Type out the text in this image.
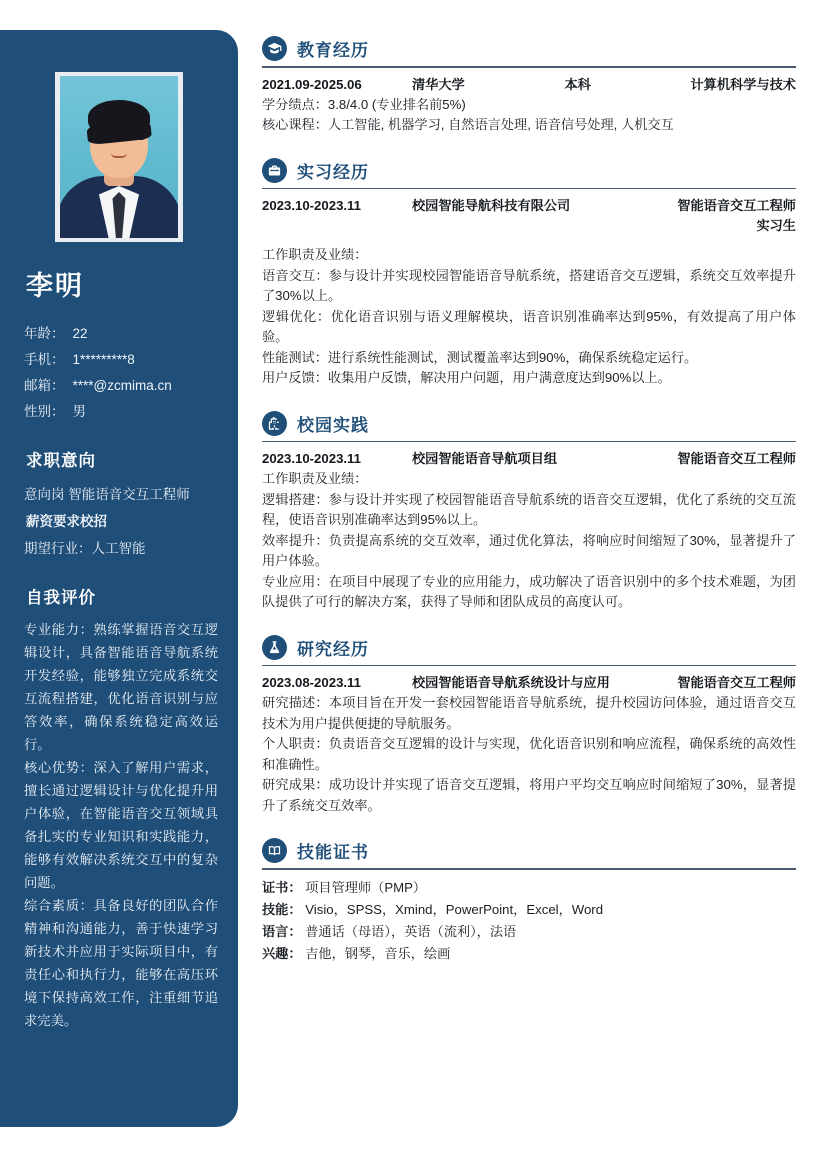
李明
年龄： 22
手机： 1*********8
邮箱： ****@zcmima.cn
性别： 男
求职意向
意向岗 智能语音交互工程师
薪资要求 校招
期望行业：人工智能
自我评价

专业能力：熟练掌握语音交互逻辑设计，具备智能语音导航系统开发经验，能够独立完成系统交互流程搭建，优化语音识别与应答效率，确保系统稳定高效运行。

核心优势：深入了解用户需求，擅长通过逻辑设计与优化提升用户体验，在智能语音交互领域具备扎实的专业知识和实践能力，能够有效解决系统交互中的复杂问题。

综合素质：具备良好的团队合作精神和沟通能力，善于快速学习新技术并应用于实际项目中，有责任心和执行力，能够在高压环境下保持高效工作，注重细节追求完美。

教育经历
2021.09-2025.06	清华大学	本科	计算机科学与技术
学分绩点：3.8/4.0 (专业排名前5%)
核心课程：人工智能, 机器学习, 自然语言处理, 语音信号处理, 人机交互
实习经历
2023.10-2023.11	校园智能导航科技有限公司	智能语音交互工程师
实习生
工作职责及业绩：
语音交互：参与设计并实现校园智能语音导航系统，搭建语音交互逻辑，系统交互效率提升了30%以上。
逻辑优化：优化语音识别与语义理解模块，语音识别准确率达到95%，有效提高了用户体验。
性能测试：进行系统性能测试，测试覆盖率达到90%，确保系统稳定运行。
用户反馈：收集用户反馈，解决用户问题，用户满意度达到90%以上。
校园实践
2023.10-2023.11	校园智能语音导航项目组	智能语音交互工程师
工作职责及业绩：
逻辑搭建：参与设计并实现了校园智能语音导航系统的语音交互逻辑，优化了系统的交互流程，使语音识别准确率达到95%以上。
效率提升：负责提高系统的交互效率，通过优化算法，将响应时间缩短了30%，显著提升了用户体验。
专业应用：在项目中展现了专业的应用能力，成功解决了语音识别中的多个技术难题，为团队提供了可行的解决方案，获得了导师和团队成员的高度认可。
研究经历
2023.08-2023.11	校园智能语音导航系统设计与应用	智能语音交互工程师
研究描述：本项目旨在开发一套校园智能语音导航系统，提升校园访问体验，通过语音交互技术为用户提供便捷的导航服务。
个人职责：负责语音交互逻辑的设计与实现，优化语音识别和响应流程，确保系统的高效性和准确性。
研究成果：成功设计并实现了语音交互逻辑，将用户平均交互响应时间缩短了30%，显著提升了系统交互效率。
技能证书
证书： 项目管理师（PMP）
技能： Visio，SPSS，Xmind，PowerPoint，Excel，Word
语言： 普通话（母语），英语（流利），法语
兴趣： 吉他，钢琴，音乐，绘画
